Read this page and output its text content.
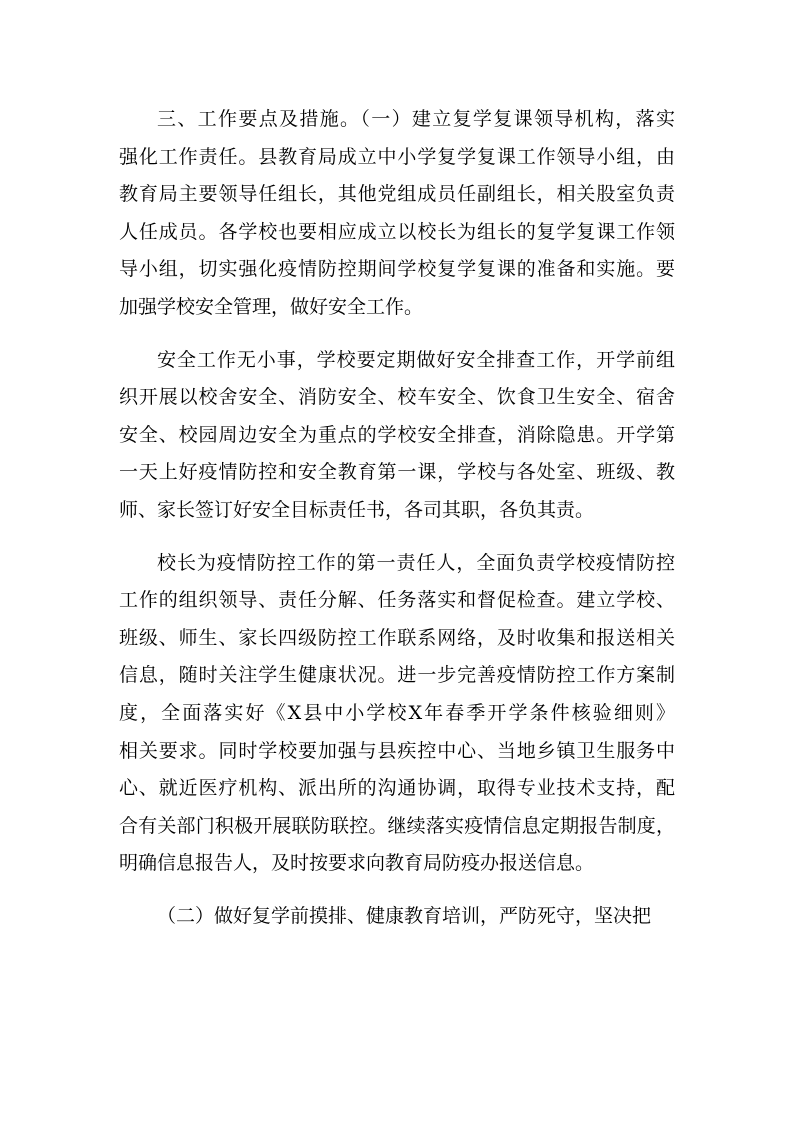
三、工作要点及措施。（一）建立复学复课领导机构，落实
强化工作责任。县教育局成立中小学复学复课工作领导小组，由
教育局主要领导任组长，其他党组成员任副组长，相关股室负责
人任成员。各学校也要相应成立以校长为组长的复学复课工作领
导小组，切实强化疫情防控期间学校复学复课的准备和实施。要
加强学校安全管理，做好安全工作。

安全工作无小事，学校要定期做好安全排查工作，开学前组
织开展以校舍安全、消防安全、校车安全、饮食卫生安全、宿舍
安全、校园周边安全为重点的学校安全排查，消除隐患。开学第
一天上好疫情防控和安全教育第一课，学校与各处室、班级、教
师、家长签订好安全目标责任书，各司其职，各负其责。

校长为疫情防控工作的第一责任人，全面负责学校疫情防控
工作的组织领导、责任分解、任务落实和督促检查。建立学校、
班级、师生、家长四级防控工作联系网络，及时收集和报送相关
信息，随时关注学生健康状况。进一步完善疫情防控工作方案制
度，全面落实好《X县中小学校X年春季开学条件核验细则》
相关要求。同时学校要加强与县疾控中心、当地乡镇卫生服务中
心、就近医疗机构、派出所的沟通协调，取得专业技术支持，配
合有关部门积极开展联防联控。继续落实疫情信息定期报告制度，
明确信息报告人，及时按要求向教育局防疫办报送信息。

（二）做好复学前摸排、健康教育培训，严防死守，坚决把
